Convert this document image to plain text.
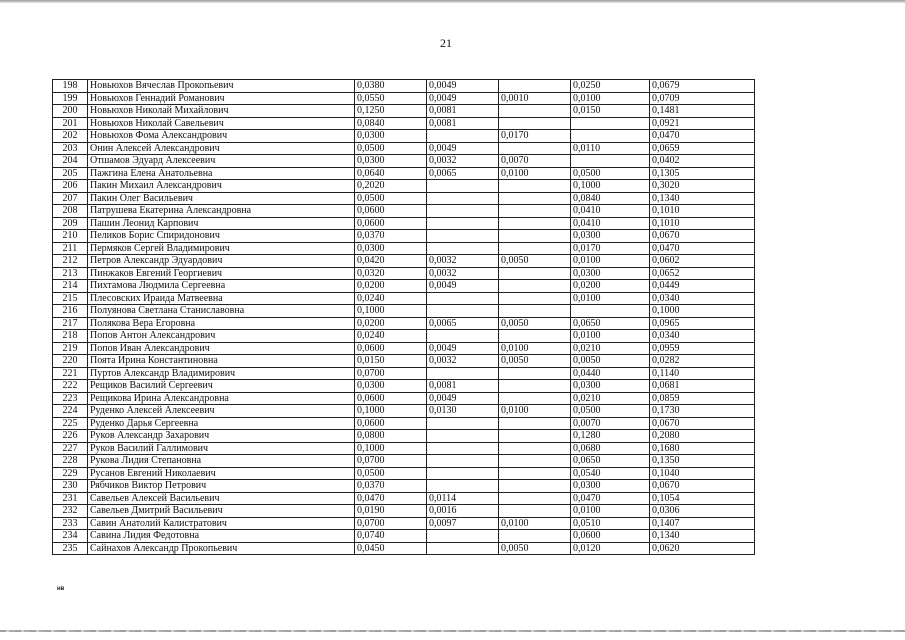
21
198	Новьюхов Вячеслав Прокопьевич	0,0380	0,0049		0,0250	0,0679
199	Новьюхов Геннадий Романович	0,0550	0,0049	0,0010	0,0100	0,0709
200	Новьюхов Николай Михайлович	0,1250	0,0081		0,0150	0,1481
201	Новьюхов Николай Савельевич	0,0840	0,0081			0,0921
202	Новьюхов Фома Александрович	0,0300		0,0170		0,0470
203	Онин Алексей Александрович	0,0500	0,0049		0,0110	0,0659
204	Отшамов Эдуард Алексеевич	0,0300	0,0032	0,0070		0,0402
205	Пажгина Елена Анатольевна	0,0640	0,0065	0,0100	0,0500	0,1305
206	Пакин Михаил Александрович	0,2020			0,1000	0,3020
207	Пакин Олег Васильевич	0,0500			0,0840	0,1340
208	Патрушева Екатерина Александровна	0,0600			0,0410	0,1010
209	Пашин Леонид Карпович	0,0600			0,0410	0,1010
210	Пеликов Борис Спиридонович	0,0370			0,0300	0,0670
211	Пермяков Сергей Владимирович	0,0300			0,0170	0,0470
212	Петров Александр Эдуардович	0,0420	0,0032	0,0050	0,0100	0,0602
213	Пинжаков Евгений Георгиевич	0,0320	0,0032		0,0300	0,0652
214	Пихтамова Людмила Сергеевна	0,0200	0,0049		0,0200	0,0449
215	Плесовских Ираида Матвеевна	0,0240			0,0100	0,0340
216	Полуянова Светлана Станиславовна	0,1000				0,1000
217	Полякова Вера Егоровна	0,0200	0,0065	0,0050	0,0650	0,0965
218	Попов Антон Александрович	0,0240			0,0100	0,0340
219	Попов Иван Александрович	0,0600	0,0049	0,0100	0,0210	0,0959
220	Поята Ирина Константиновна	0,0150	0,0032	0,0050	0,0050	0,0282
221	Пуртов Александр Владимирович	0,0700			0,0440	0,1140
222	Рещиков Василий Сергеевич	0,0300	0,0081		0,0300	0,0681
223	Рещикова Ирина Александровна	0,0600	0,0049		0,0210	0,0859
224	Руденко Алексей Алексеевич	0,1000	0,0130	0,0100	0,0500	0,1730
225	Руденко Дарья Сергеевна	0,0600			0,0070	0,0670
226	Руков Александр Захарович	0,0800			0,1280	0,2080
227	Руков Василий Галлимович	0,1000			0,0680	0,1680
228	Рукова Лидия Степановна	0,0700			0,0650	0,1350
229	Русанов Евгений Николаевич	0,0500			0,0540	0,1040
230	Рябчиков Виктор Петрович	0,0370			0,0300	0,0670
231	Савельев Алексей Васильевич	0,0470	0,0114		0,0470	0,1054
232	Савельев Дмитрий Васильевич	0,0190	0,0016		0,0100	0,0306
233	Савин Анатолий Калистратович	0,0700	0,0097	0,0100	0,0510	0,1407
234	Савина Лидия Федотовна	0,0740			0,0600	0,1340
235	Сайнахов Александр Прокопьевич	0,0450		0,0050	0,0120	0,0620
нв
